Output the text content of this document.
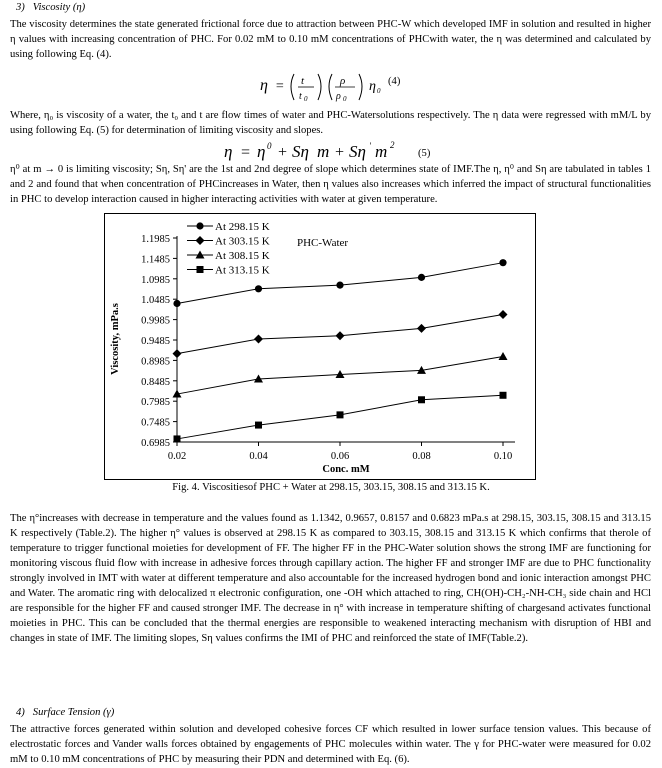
3) Viscosity (η)
The viscosity determines the state generated frictional force due to attraction between PHC-W which developed IMF in solution and resulted in higher η values with increasing concentration of PHC. For 0.02 mM to 0.10 mM concentrations of PHCwith water, the η was determined and calculated by using following Eq. (4).
η = t
t 0
ρ
ρ 0
η 0
(4)
Where, η₀ is viscosity of a water, the t₀ and t are flow times of water and PHC-Watersolutions respectively. The η data were regressed with mM/L by using following Eq. (5) for determination of limiting viscosity and slopes.
η = η 0 + Sη m + Sη ' m 2
(5)
η⁰ at m → 0 is limiting viscosity; Sη, Sη' are the 1st and 2nd degree of slope which determines state of IMF.The η, η⁰ and Sη are tabulated in tables 1 and 2 and found that when concentration of PHCincreases in Water, then η values also increases which inferred the impact of structural functionalities in PHC to develop interaction caused in higher interacting activities with water at given temperature.
0.6985
0.7485
0.7985
0.8485
0.8985
0.9485
0.9985
1.0485
1.0985
1.1485
1.1985
0.02	0.04	0.06	0.08	0.10
At 298.15 K
At 303.15 K
At 308.15 K
At 313.15 K
PHC-Water
Conc. mM
Viscosity, mPa.s
Fig. 4. Viscositiesof PHC + Water at 298.15, 303.15, 308.15 and 313.15 K.
The η°increases with decrease in temperature and the values found as 1.1342, 0.9657, 0.8157 and 0.6823 mPa.s at 298.15, 303.15, 308.15 and 313.15 K respectively (Table.2). The higher η° values is observed at 298.15 K as compared to 303.15, 308.15 and 313.15 K which confirms that therole of temperature to trigger functional moieties for development of FF. The higher FF in the PHC-Water solution shows the strong IMF are functioning for monitoring viscous fluid flow with increase in adhesive forces through capillary action. The higher FF and stronger IMF are due to PHC functionality strongly involved in IMT with water at different temperature and also accountable for the increased hydrogen bond and ionic interaction amongst PHC and Water. The aromatic ring with delocalized π electronic configuration, one -OH which attached to ring, CH(OH)-CH₂-NH-CH₃ side chain and HCl are responsible for the higher FF and caused stronger IMF. The decrease in η° with increase in temperature shifting of chargesand activates functional moieties in PHC. This can be concluded that the thermal energies are responsible to weakened interacting mechanism with disruption of HBI and changes in state of IMF. The limiting slopes, Sη values confirms the IMI of PHC and reinforced the state of IMF(Table.2).
4) Surface Tension (γ)
The attractive forces generated within solution and developed cohesive forces CF which resulted in lower surface tension values. This because of electrostatic forces and Vander walls forces obtained by engagements of PHC molecules within water. The γ for PHC-water were measured for 0.02 mM to 0.10 mM concentrations of PHC by measuring their PDN and determined with Eq. (6).
